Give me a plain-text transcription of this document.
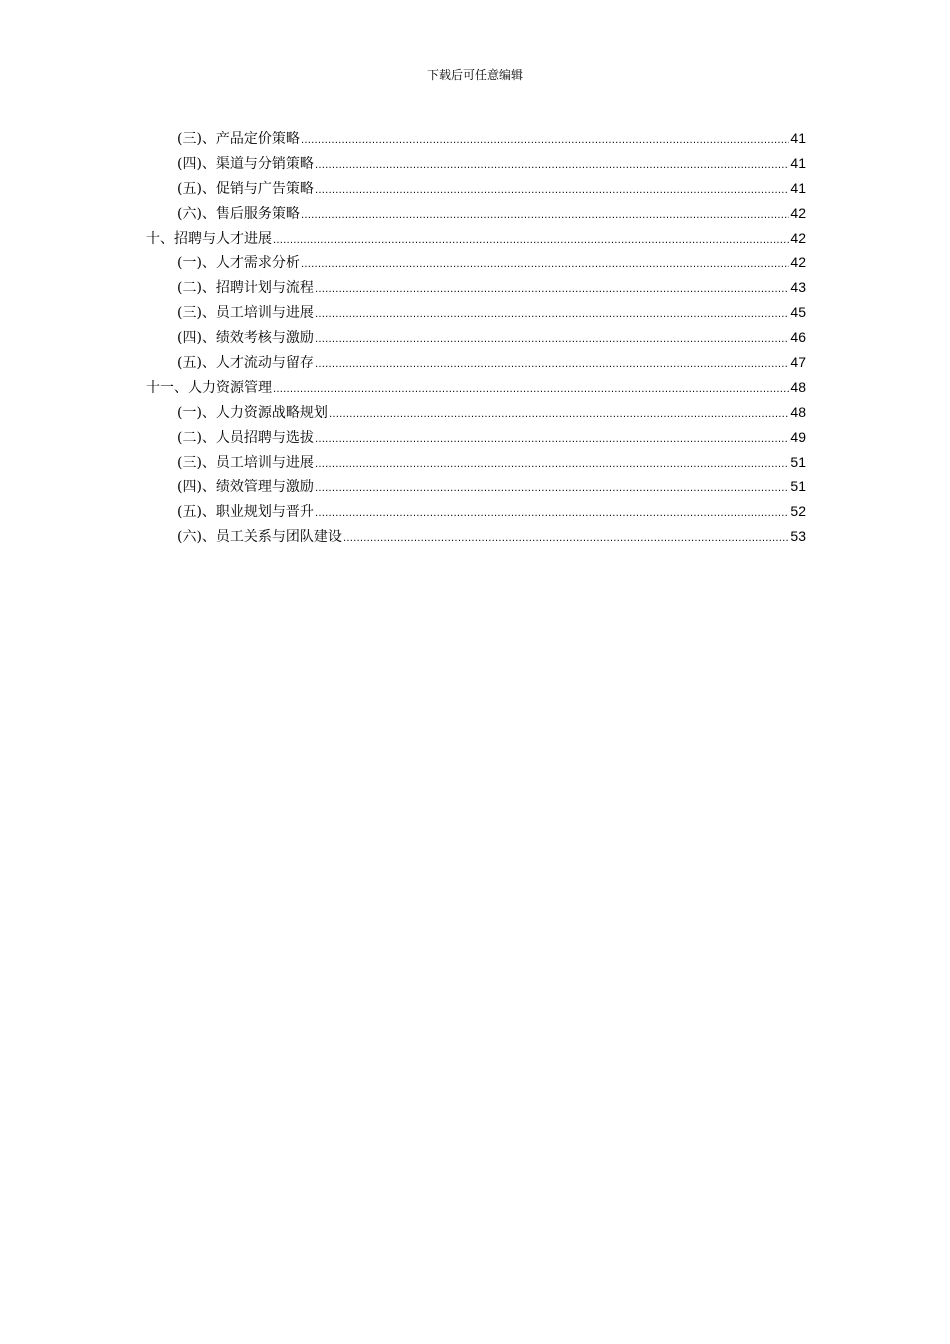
下载后可任意编辑
(三)、产品定价策略 .....	41
(四)、渠道与分销策略 .....	41
(五)、促销与广告策略 .....	41
(六)、售后服务策略 .....	42
十、招聘与人才进展 .....	42
(一)、人才需求分析 .....	42
(二)、招聘计划与流程 .....	43
(三)、员工培训与进展 .....	45
(四)、绩效考核与激励 .....	46
(五)、人才流动与留存 .....	47
十一、人力资源管理 .....	48
(一)、人力资源战略规划 .....	48
(二)、人员招聘与选拔 .....	49
(三)、员工培训与进展 .....	51
(四)、绩效管理与激励 .....	51
(五)、职业规划与晋升 .....	52
(六)、员工关系与团队建设 .....	53
